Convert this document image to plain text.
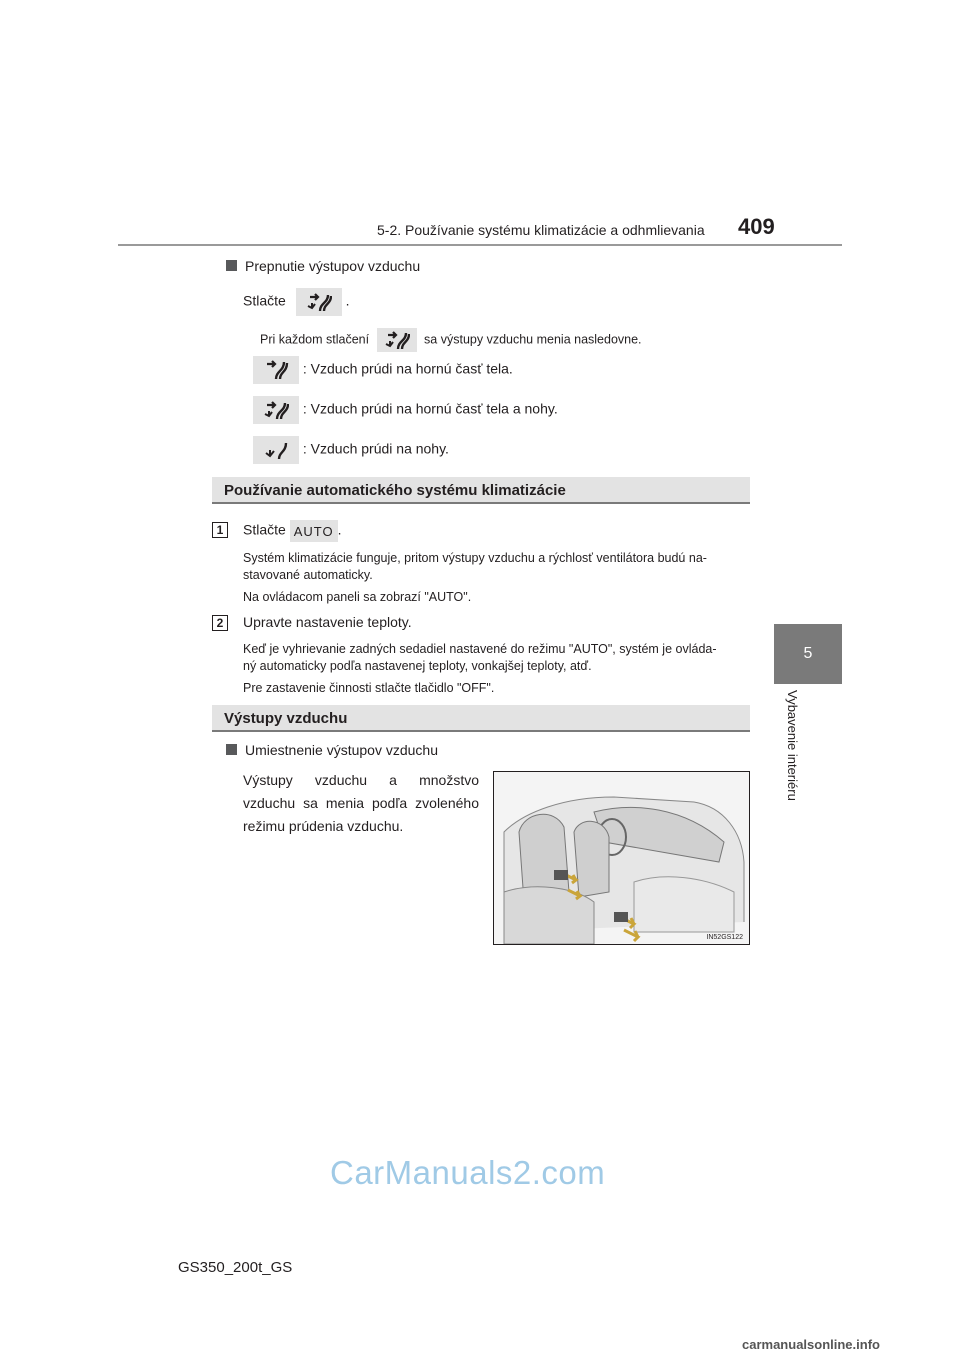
5-2. Používanie systému klimatizácie a odhmlievania 409
5
Vybavenie interiéru
Prepnutie výstupov vzduchu
Stlačte	.
Pri každom stlačení	sa výstupy vzduchu menia nasledovne.
: Vzduch prúdi na hornú časť tela.
: Vzduch prúdi na hornú časť tela a nohy.
: Vzduch prúdi na nohy.
Používanie automatického systému klimatizácie
1	Stlačte AUTO .
Systém klimatizácie funguje, pritom výstupy vzduchu a rýchlosť ventilátora budú na-
stavované automaticky.
Na ovládacom paneli sa zobrazí "AUTO".
2	Upravte nastavenie teploty.
Keď je vyhrievanie zadných sedadiel nastavené do režimu "AUTO", systém je ovláda-
ný automaticky podľa nastavenej teploty, vonkajšej teploty, atď.
Pre zastavenie činnosti stlačte tlačidlo "OFF".
Výstupy vzduchu
Umiestnenie výstupov vzduchu
Výstupy vzduchu a množstvo vzduchu sa menia podľa zvoleného režimu prúdenia vzduchu.
IN52GS122
CarManuals2.com
GS350_200t_GS
carmanualsonline.info
